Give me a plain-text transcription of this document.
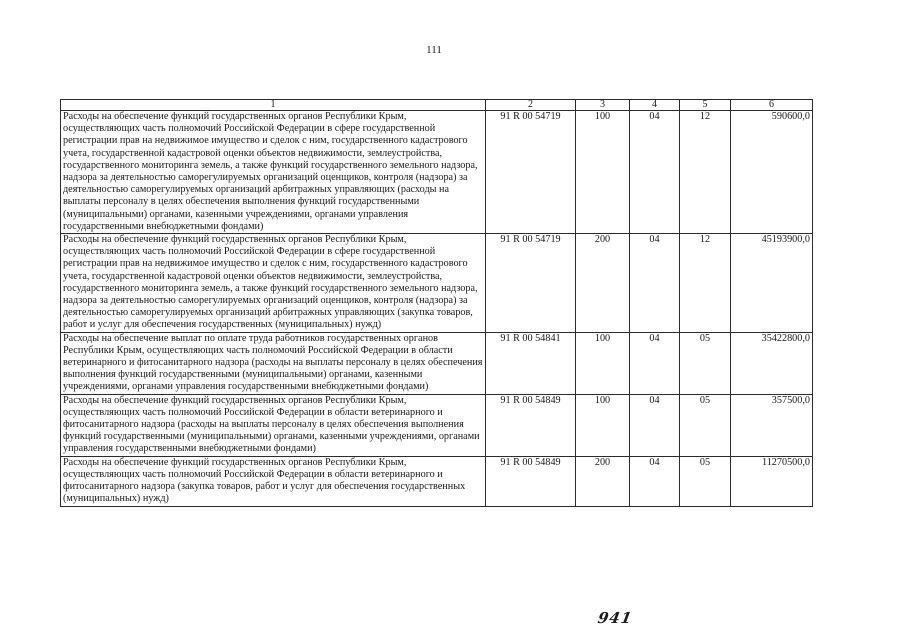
111
1	2	3	4	5	6
Расходы на обеспечение функций государственных органов Республики Крым, осуществляющих часть полномочий Российской Федерации в сфере государственной регистрации прав на недвижимое имущество и сделок с ним, государственного кадастрового учета, государственной кадастровой оценки объектов недвижимости, землеустройства, государственного мониторинга земель, а также функций государственного земельного надзора, надзора за деятельностью саморегулируемых организаций оценщиков, контроля (надзора) за деятельностью саморегулируемых организаций арбитражных управляющих (расходы на выплаты персоналу в целях обеспечения выполнения функций государственными (муниципальными) органами, казенными учреждениями, органами управления государственными внебюджетными фондами)	91 R 00 54719	100	04	12	590600,0
Расходы на обеспечение функций государственных органов Республики Крым, осуществляющих часть полномочий Российской Федерации в сфере государственной регистрации прав на недвижимое имущество и сделок с ним, государственного кадастрового учета, государственной кадастровой оценки объектов недвижимости, землеустройства, государственного мониторинга земель, а также функций государственного земельного надзора, надзора за деятельностью саморегулируемых организаций оценщиков, контроля (надзора) за деятельностью саморегулируемых организаций арбитражных управляющих (закупка товаров, работ и услуг для обеспечения государственных (муниципальных) нужд)	91 R 00 54719	200	04	12	45193900,0
Расходы на обеспечение выплат по оплате труда работников государственных органов Республики Крым, осуществляющих часть полномочий Российской Федерации в области ветеринарного и фитосанитарного надзора (расходы на выплаты персоналу в целях обеспечения выполнения функций государственными (муниципальными) органами, казенными учреждениями, органами управления государственными внебюджетными фондами)	91 R 00 54841	100	04	05	35422800,0
Расходы на обеспечение функций государственных органов Республики Крым, осуществляющих часть полномочий Российской Федерации в области ветеринарного и фитосанитарного надзора (расходы на выплаты персоналу в целях обеспечения выполнения функций государственными (муниципальными) органами, казенными учреждениями, органами управления государственными внебюджетными фондами)	91 R 00 54849	100	04	05	357500,0
Расходы на обеспечение функций государственных органов Республики Крым, осуществляющих часть полномочий Российской Федерации в области ветеринарного и фитосанитарного надзора (закупка товаров, работ и услуг для обеспечения государственных (муниципальных) нужд)	91 R 00 54849	200	04	05	11270500,0
941
